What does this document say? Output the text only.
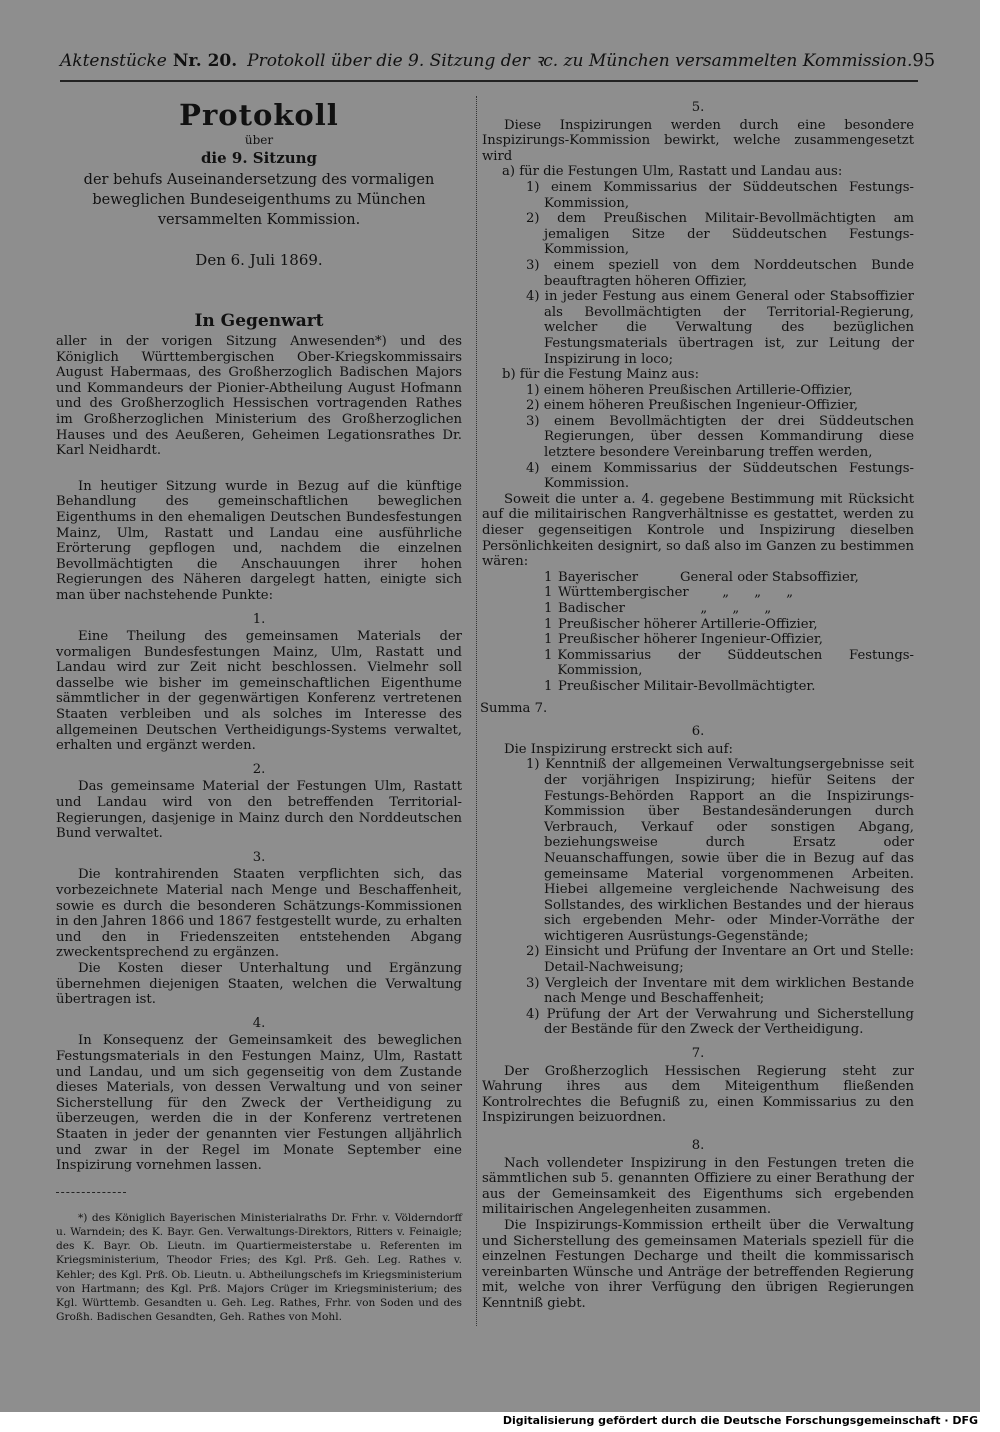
Aktenstücke Nr. 20. Protokoll über die 9. Sitzung der ꝛc. zu München versammelten Kommission. 95

Protokoll

über

die 9. Sitzung

der behufs Auseinandersetzung des vormaligen beweglichen Bundeseigenthums zu München versammelten Kommission.

Den 6. Juli 1869.

In Gegenwart

aller in der vorigen Sitzung Anwesenden*) und des Königlich Württembergischen Ober-Kriegskommissairs August Habermaas, des Großherzoglich Badischen Majors und Kommandeurs der Pionier-Abtheilung August Hofmann und des Großherzoglich Hessischen vortragenden Rathes im Großherzoglichen Ministerium des Großherzoglichen Hauses und des Aeußeren, Geheimen Legationsrathes Dr. Karl Neidhardt.

In heutiger Sitzung wurde in Bezug auf die künftige Behandlung des gemeinschaftlichen beweglichen Eigenthums in den ehemaligen Deutschen Bundesfestungen Mainz, Ulm, Rastatt und Landau eine ausführliche Erörterung gepflogen und, nachdem die einzelnen Bevollmächtigten die Anschauungen ihrer hohen Regierungen des Näheren dargelegt hatten, einigte sich man über nachstehende Punkte:

1.

Eine Theilung des gemeinsamen Materials der vormaligen Bundesfestungen Mainz, Ulm, Rastatt und Landau wird zur Zeit nicht beschlossen. Vielmehr soll dasselbe wie bisher im gemeinschaftlichen Eigenthume sämmtlicher in der gegenwärtigen Konferenz vertretenen Staaten verbleiben und als solches im Interesse des allgemeinen Deutschen Vertheidigungs-Systems verwaltet, erhalten und ergänzt werden.

2.

Das gemeinsame Material der Festungen Ulm, Rastatt und Landau wird von den betreffenden Territorial-Regierungen, dasjenige in Mainz durch den Norddeutschen Bund verwaltet.

3.

Die kontrahirenden Staaten verpflichten sich, das vorbezeichnete Material nach Menge und Beschaffenheit, sowie es durch die besonderen Schätzungs-Kommissionen in den Jahren 1866 und 1867 festgestellt wurde, zu erhalten und den in Friedenszeiten entstehenden Abgang zweckentsprechend zu ergänzen.

Die Kosten dieser Unterhaltung und Ergänzung übernehmen diejenigen Staaten, welchen die Verwaltung übertragen ist.

4.

In Konsequenz der Gemeinsamkeit des beweglichen Festungsmaterials in den Festungen Mainz, Ulm, Rastatt und Landau, und um sich gegenseitig von dem Zustande dieses Materials, von dessen Verwaltung und von seiner Sicherstellung für den Zweck der Vertheidigung zu überzeugen, werden die in der Konferenz vertretenen Staaten in jeder der genannten vier Festungen alljährlich und zwar in der Regel im Monate September eine Inspizirung vornehmen lassen.

*) des Königlich Bayerischen Ministerialraths Dr. Frhr. v. Völderndorff u. Warndein; des K. Bayr. Gen. Verwaltungs-Direktors, Ritters v. Feinaigle; des K. Bayr. Ob. Lieutn. im Quartiermeisterstabe u. Referenten im Kriegsministerium, Theodor Fries; des Kgl. Prß. Geh. Leg. Rathes v. Kehler; des Kgl. Prß. Ob. Lieutn. u. Abtheilungschefs im Kriegsministerium von Hartmann; des Kgl. Prß. Majors Crüger im Kriegsministerium; des Kgl. Württemb. Gesandten u. Geh. Leg. Rathes, Frhr. von Soden und des Großh. Badischen Gesandten, Geh. Rathes von Mohl.

5.

Diese Inspizirungen werden durch eine besondere Inspizirungs-Kommission bewirkt, welche zusammengesetzt wird

a) für die Festungen Ulm, Rastatt und Landau aus:

1) einem Kommissarius der Süddeutschen Festungs-Kommission,

2) dem Preußischen Militair-Bevollmächtigten am jemaligen Sitze der Süddeutschen Festungs-Kommission,

3) einem speziell von dem Norddeutschen Bunde beauftragten höheren Offizier,

4) in jeder Festung aus einem General oder Stabsoffizier als Bevollmächtigten der Territorial-Regierung, welcher die Verwaltung des bezüglichen Festungsmaterials übertragen ist, zur Leitung der Inspizirung in loco;

b) für die Festung Mainz aus:

1) einem höheren Preußischen Artillerie-Offizier,

2) einem höheren Preußischen Ingenieur-Offizier,

3) einem Bevollmächtigten der drei Süddeutschen Regierungen, über dessen Kommandirung diese letztere besondere Vereinbarung treffen werden,

4) einem Kommissarius der Süddeutschen Festungs-Kommission.

Soweit die unter a. 4. gegebene Bestimmung mit Rücksicht auf die militairischen Rangverhältnisse es gestattet, werden zu dieser gegenseitigen Kontrole und Inspizirung dieselben Persönlichkeiten designirt, so daß also im Ganzen zu bestimmen wären:

1 Bayerischer          General oder Stabsoffizier,
1 Württembergischer        „      „      „
1 Badischer                  „      „      „
1 Preußischer höherer Artillerie-Offizier,
1 Preußischer höherer Ingenieur-Offizier,
1 Kommissarius der Süddeutschen Festungs-Kommission,
1 Preußischer Militair-Bevollmächtigter.

Summa 7.

6.

Die Inspizirung erstreckt sich auf:

1) Kenntniß der allgemeinen Verwaltungsergebnisse seit der vorjährigen Inspizirung; hiefür Seitens der Festungs-Behörden Rapport an die Inspizirungs-Kommission über Bestandesänderungen durch Verbrauch, Verkauf oder sonstigen Abgang, beziehungsweise durch Ersatz oder Neuanschaffungen, sowie über die in Bezug auf das gemeinsame Material vorgenommenen Arbeiten. Hiebei allgemeine vergleichende Nachweisung des Sollstandes, des wirklichen Bestandes und der hieraus sich ergebenden Mehr- oder Minder-Vorräthe der wichtigeren Ausrüstungs-Gegenstände;

2) Einsicht und Prüfung der Inventare an Ort und Stelle: Detail-Nachweisung;

3) Vergleich der Inventare mit dem wirklichen Bestande nach Menge und Beschaffenheit;

4) Prüfung der Art der Verwahrung und Sicherstellung der Bestände für den Zweck der Vertheidigung.

7.

Der Großherzoglich Hessischen Regierung steht zur Wahrung ihres aus dem Miteigenthum fließenden Kontrolrechtes die Befugniß zu, einen Kommissarius zu den Inspizirungen beizuordnen.

8.

Nach vollendeter Inspizirung in den Festungen treten die sämmtlichen sub 5. genannten Offiziere zu einer Berathung der aus der Gemeinsamkeit des Eigenthums sich ergebenden militairischen Angelegenheiten zusammen.

Die Inspizirungs-Kommission ertheilt über die Verwaltung und Sicherstellung des gemeinsamen Materials speziell für die einzelnen Festungen Decharge und theilt die kommissarisch vereinbarten Wünsche und Anträge der betreffenden Regierung mit, welche von ihrer Verfügung den übrigen Regierungen Kenntniß giebt.

Digitalisierung gefördert durch die Deutsche Forschungsgemeinschaft · DFG
